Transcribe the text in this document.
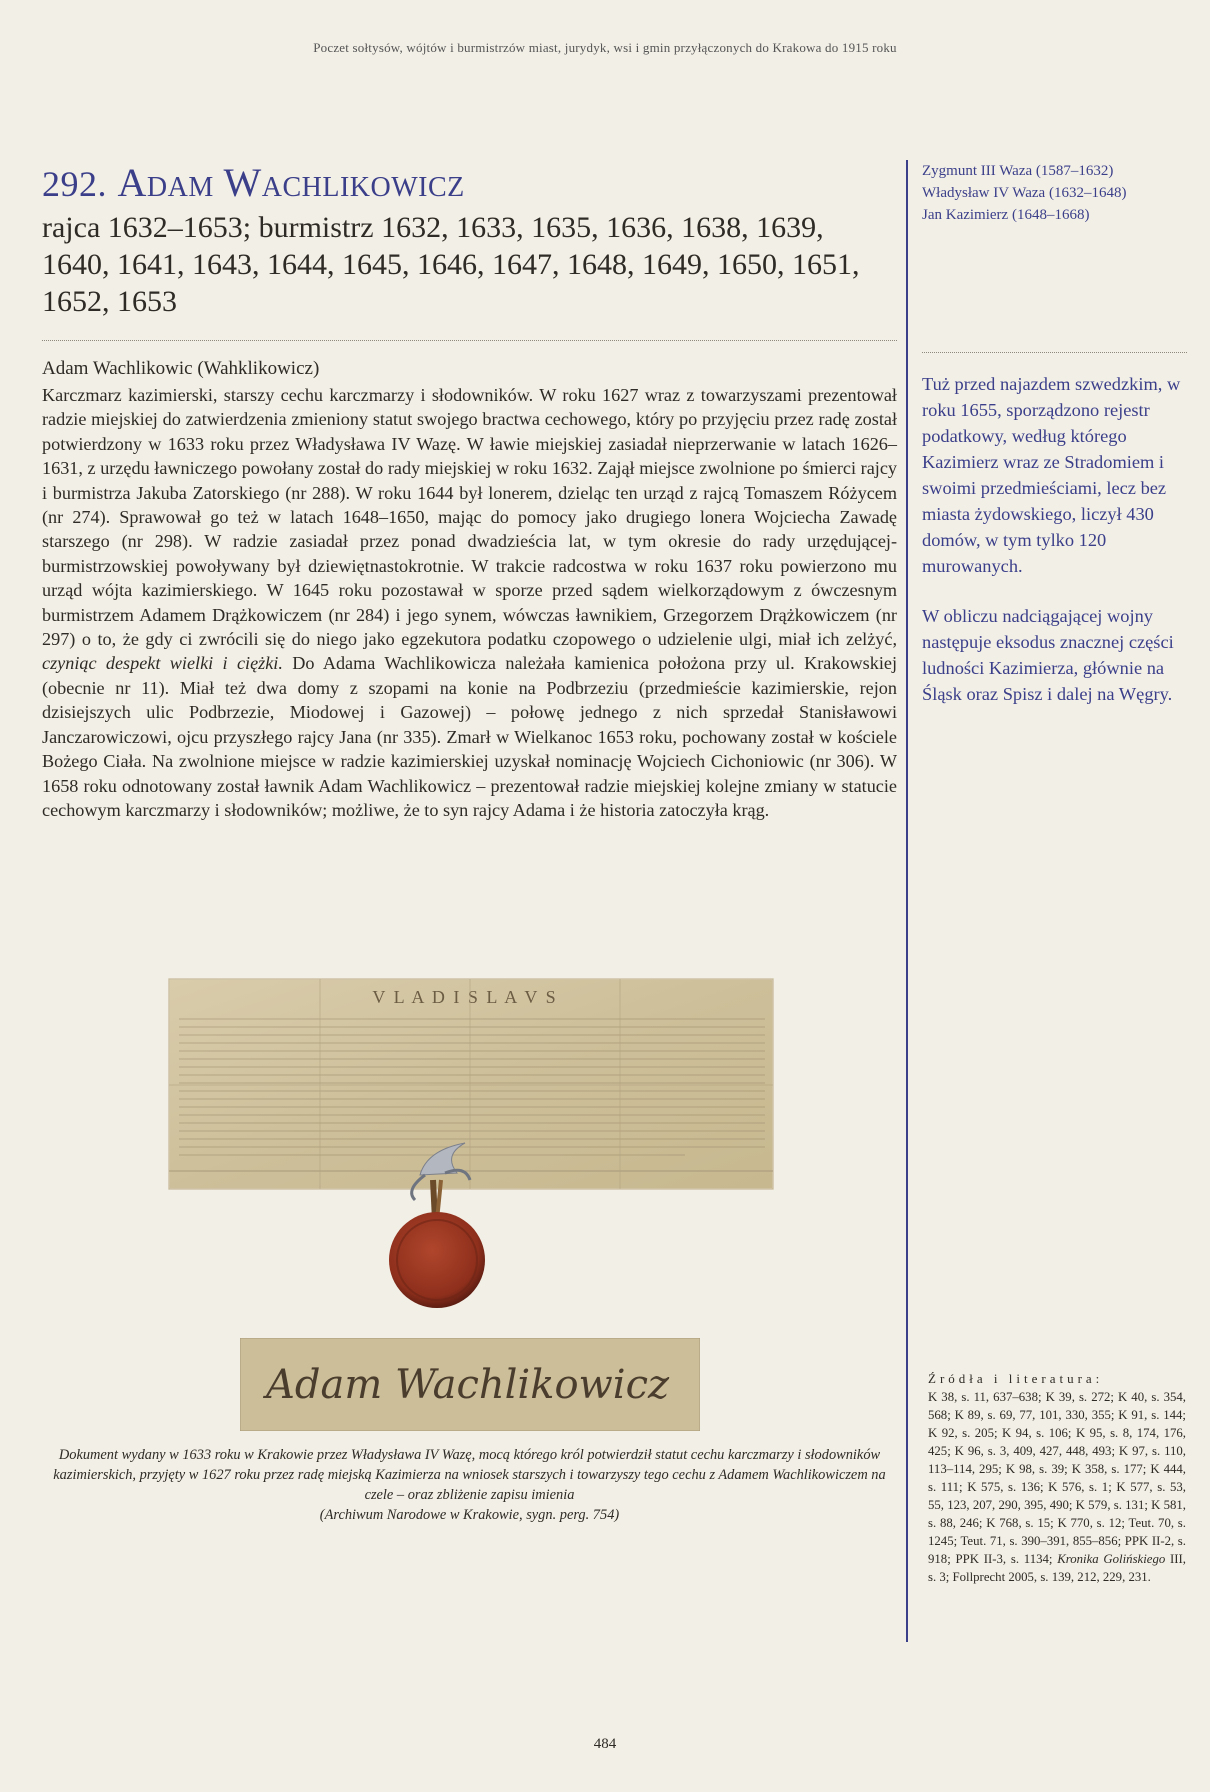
Poczet sołtysów, wójtów i burmistrzów miast, jurydyk, wsi i gmin przyłączonych do Krakowa do 1915 roku
292. Adam Wachlikowicz

rajca 1632–1653; burmistrz 1632, 1633, 1635, 1636, 1638, 1639, 1640, 1641, 1643, 1644, 1645, 1646, 1647, 1648, 1649, 1650, 1651, 1652, 1653

Adam Wachlikowic (Wahklikowicz)

Karczmarz kazimierski, starszy cechu karczmarzy i słodowników. W roku 1627 wraz z towarzyszami prezentował radzie miejskiej do zatwierdzenia zmieniony statut swojego bractwa cechowego, który po przyjęciu przez radę został potwierdzony w 1633 roku przez Władysława IV Wazę. W ławie miejskiej zasiadał nieprzerwanie w latach 1626–1631, z urzędu ławniczego powołany został do rady miejskiej w roku 1632. Zajął miejsce zwolnione po śmierci rajcy i burmistrza Jakuba Zatorskiego (nr 288). W roku 1644 był lonerem, dzieląc ten urząd z rajcą Tomaszem Różycem (nr 274). Sprawował go też w latach 1648–1650, mając do pomocy jako drugiego lonera Wojciecha Zawadę starszego (nr 298). W radzie zasiadał przez ponad dwadzieścia lat, w tym okresie do rady urzędującej-burmistrzowskiej powoływany był dziewiętnastokrotnie. W trakcie radcostwa w roku 1637 roku powierzono mu urząd wójta kazimierskiego. W 1645 roku pozostawał w sporze przed sądem wielkorządowym z ówczesnym burmistrzem Adamem Drążkowiczem (nr 284) i jego synem, wówczas ławnikiem, Grzegorzem Drążkowiczem (nr 297) o to, że gdy ci zwrócili się do niego jako egzekutora podatku czopowego o udzielenie ulgi, miał ich zelżyć, czyniąc despekt wielki i ciężki. Do Adama Wachlikowicza należała kamienica położona przy ul. Krakowskiej (obecnie nr 11). Miał też dwa domy z szopami na konie na Podbrzeziu (przedmieście kazimierskie, rejon dzisiejszych ulic Podbrzezie, Miodowej i Gazowej) – połowę jednego z nich sprzedał Stanisławowi Janczarowiczowi, ojcu przyszłego rajcy Jana (nr 335). Zmarł w Wielkanoc 1653 roku, pochowany został w kościele Bożego Ciała. Na zwolnione miejsce w radzie kazimierskiej uzyskał nominację Wojciech Cichoniowic (nr 306). W 1658 roku odnotowany został ławnik Adam Wachlikowicz – prezentował radzie miejskiej kolejne zmiany w statucie cechowym karczmarzy i słodowników; możliwe, że to syn rajcy Adama i że historia zatoczyła krąg.

Zygmunt III Waza (1587–1632)
Władysław IV Waza (1632–1648)
Jan Kazimierz (1648–1668)

Tuż przed najazdem szwedzkim, w roku 1655, sporządzono rejestr podatkowy, według którego Kazimierz wraz ze Stradomiem i swoimi przedmieściami, lecz bez miasta żydowskiego, liczył 430 domów, w tym tylko 120 murowanych.

W obliczu nadciągającej wojny następuje eksodus znacznej części ludności Kazimierza, głównie na Śląsk oraz Spisz i dalej na Węgry.

V L A D I S L A V S
Adam Wachlikowicz
Dokument wydany w 1633 roku w Krakowie przez Władysława IV Wazę, mocą którego król potwierdził statut cechu karczmarzy i słodowników kazimierskich, przyjęty w 1627 roku przez radę miejską Kazimierza na wniosek starszych i towarzyszy tego cechu z Adamem Wachlikowiczem na czele – oraz zbliżenie zapisu imienia
(Archiwum Narodowe w Krakowie, sygn. perg. 754)
Źródła i literatura:
K 38, s. 11, 637–638; K 39, s. 272; K 40, s. 354, 568; K 89, s. 69, 77, 101, 330, 355; K 91, s. 144; K 92, s. 205; K 94, s. 106; K 95, s. 8, 174, 176, 425; K 96, s. 3, 409, 427, 448, 493; K 97, s. 110, 113–114, 295; K 98, s. 39; K 358, s. 177; K 444, s. 111; K 575, s. 136; K 576, s. 1; K 577, s. 53, 55, 123, 207, 290, 395, 490; K 579, s. 131; K 581, s. 88, 246; K 768, s. 15; K 770, s. 12; Teut. 70, s. 1245; Teut. 71, s. 390–391, 855–856; PPK II-2, s. 918; PPK II-3, s. 1134; Kronika Golińskiego III, s. 3; Follprecht 2005, s. 139, 212, 229, 231.
484
